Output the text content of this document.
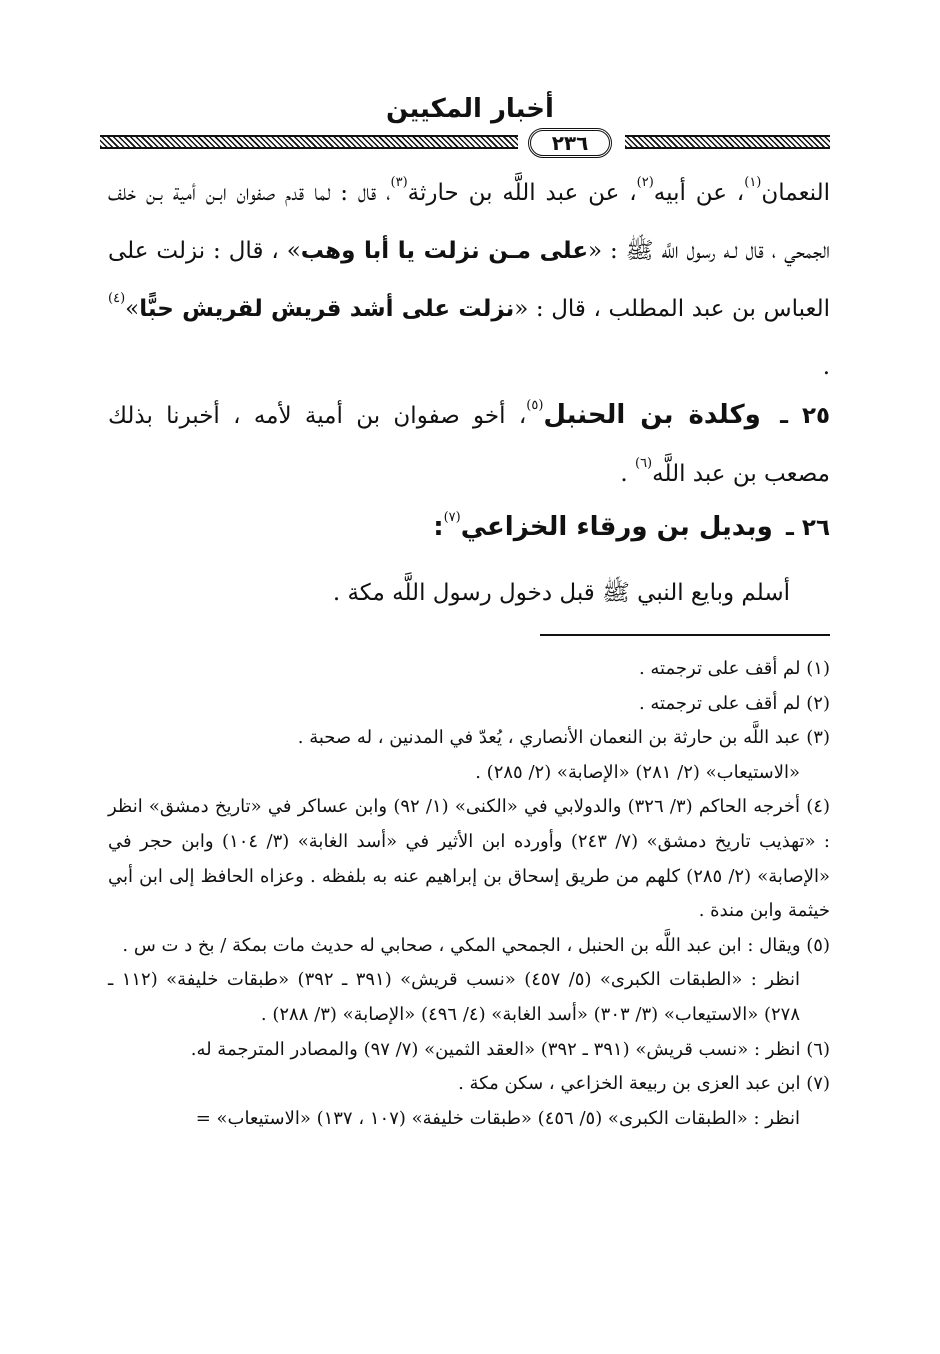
أخبار المكيين
٢٣٦

النعمان$^{(١)}$، عن أبيه$^{(٢)}$، عن عبد اللَّه بن حارثة$^{(٣)}$، قال : لما قدم صفوان ابـن أمية بـن خلف الجمحي ، قال لـه رسول اللَّه ﷺ : «على مـن نزلت يا أبا وهب» ، قال : نزلت على العباس بن عبد المطلب ، قال : «نزلت على أشد قريش لقريش حبًّا»$^{(٤)}$ .

٢٥ ـ وكلدة بن الحنبل$^{(٥)}$، أخو صفوان بن أمية لأمه ، أخبرنا بذلك مصعب بن عبد اللَّه$^{(٦)}$ .
٢٦ ـ وبديل بن ورقاء الخزاعي$^{(٧)}$:
أسلم وبايع النبي ﷺ قبل دخول رسول اللَّه مكة .

(١) لم أقف على ترجمته .

(٢) لم أقف على ترجمته .

(٣) عبد اللَّه بن حارثة بن النعمان الأنصاري ، يُعدّ في المدنين ، له صحبة .
«الاستيعاب» (٢/ ٢٨١) «الإصابة» (٢/ ٢٨٥) .

(٤) أخرجه الحاكم (٣/ ٣٢٦) والدولابي في «الكنى» (١/ ٩٢) وابن عساكر في «تاريخ دمشق» انظر : «تهذيب تاريخ دمشق» (٧/ ٢٤٣) وأورده ابن الأثير في «أسد الغابة» (٣/ ١٠٤) وابن حجر في «الإصابة» (٢/ ٢٨٥) كلهم من طريق إسحاق بن إبراهيم عنه به بلفظه . وعزاه الحافظ إلى ابن أبي خيثمة وابن مندة .

(٥) ويقال : ابن عبد اللَّه بن الحنبل ، الجمحي المكي ، صحابي له حديث مات بمكة / بخ د ت س .
انظر : «الطبقات الكبرى» (٥/ ٤٥٧) «نسب قريش» (٣٩١ ـ ٣٩٢) «طبقات خليفة» (١١٢ ـ ٢٧٨) «الاستيعاب» (٣/ ٣٠٣) «أسد الغابة» (٤/ ٤٩٦) «الإصابة» (٣/ ٢٨٨) .

(٦) انظر : «نسب قريش» (٣٩١ ـ ٣٩٢) «العقد الثمين» (٧/ ٩٧) والمصادر المترجمة له.

(٧) ابن عبد العزى بن ربيعة الخزاعي ، سكن مكة .
انظر : «الطبقات الكبرى» (٥/ ٤٥٦) «طبقات خليفة» (١٠٧ ، ١٣٧) «الاستيعاب» =
